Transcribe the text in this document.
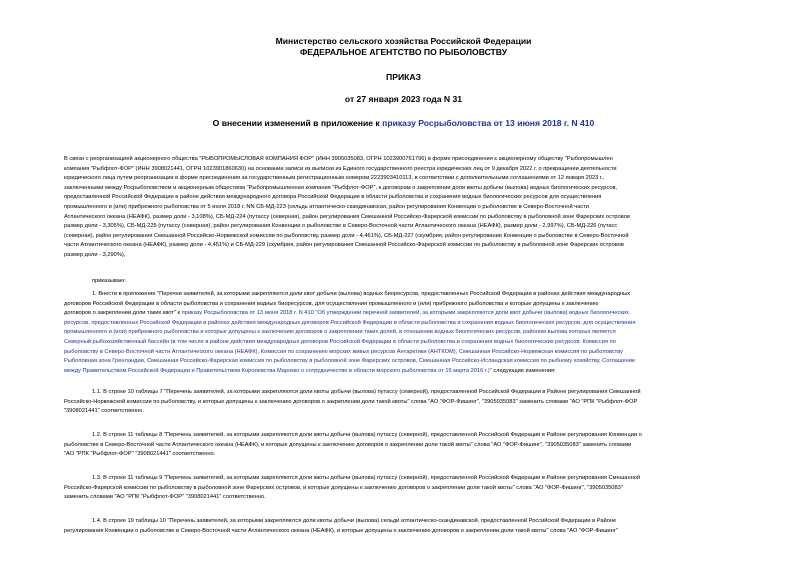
Министерство сельского хозяйства Российской Федерации
ФЕДЕРАЛЬНОЕ АГЕНТСТВО ПО РЫБОЛОВСТВУ
ПРИКАЗ
от 27 января 2023 года N 31
О внесении изменений в приложение к приказу Росрыболовства от 13 июня 2018 г. N 410
В связи с реорганизацией акционерного общества "РЫБОПРОМЫСЛОВАЯ КОМПАНИЯ ФОР" (ИНН 3905035083, ОГРН 1023900761796) в форме присоединения к акционерному обществу "Рыбопромышлен
компания "Рыбфлот-ФОР" (ИНН 3908021441, ОГРН 1023901860630) на основании записи из выписки из Единого государственного реестра юридических лиц от 9 декабря 2022 г. о прекращении деятельности
юридического лица путем реорганизации в форме присоединения за государственным регистрационным номером 2223903410113, в соответствии с дополнительными соглашениями от 12 января 2023 г.,
заключенными между Росрыболовством и акционерным обществом "Рыбопромышленная компания "Рыбфлот-ФОР", к договорам о закреплении доли квоты добычи (вылова) водных биологических ресурсов,
предоставленной Российской Федерации в районе действия международного договора Российской Федерации в области рыболовства и сохранения водных биологических ресурсов для осуществления
промышленного и (или) прибрежного рыболовства от 5 июля 2018 г. NN СБ-МД-223 (сельдь атлантическо-скандинавская, район регулирования Конвенции о рыболовстве в Северо-Восточной части
Атлантического океана (НЕАФК), размер доли - 3,108%), СБ-МД-224 (путассу (северная), район регулирования Смешанной Российско-Фарерской комиссии по рыболовству в рыболовной зоне Фарерских островов
размер доли - 3,305%), СБ-МД-225 (путассу (северная), район регулирования Конвенции о рыболовстве в Северо-Восточной части Атлантического океана (НЕАФК), размер доли - 2,997%), СБ-МД-226 (путасс
(северная), район регулирования Смешанной Российско-Норвежской комиссии по рыболовству, размер доли - 4,461%), СБ-МД-227 (скумбрия, район регулирования Конвенции о рыболовстве в Северо-Восточной
части Атлантического океана (НЕАФК), размер доли - 4,451%) и СБ-МД-229 (скумбрия, район регулирования Смешанной Российско-Фарерской комиссии по рыболовству в рыболовной зоне Фарерских островов
размер доли - 3,290%),
приказываю:
1. Внести в приложение "Перечни заявителей, за которыми закрепляются доли квот добычи (вылова) водных биоресурсов, предоставленных Российской Федерации в районах действия международных
договоров Российской Федерации в области рыболовства и сохранения водных биоресурсов, для осуществления промышленного и (или) прибрежного рыболовства и которые допущены к заключению
договоров о закреплении доли таких квот" к приказу Росрыболовства от 13 июня 2018 г. N 410 "Об утверждении перечней заявителей, за которыми закрепляются доли квот добычи (вылова) водных биологических
ресурсов, предоставленных Российской Федерации в районах действия международных договоров Российской Федерации в области рыболовства и сохранения водных биологических ресурсов, для осуществления
промышленного и (или) прибрежного рыболовства и которые допущены к заключению договоров о закреплении таких долей, в отношении водных биологических ресурсов, районом вылова которых является
Северный рыбохозяйственный бассейн (в том числе в районе действия международных договоров Российской Федерации в области рыболовства и сохранения водных биологических ресурсов: Комиссия по
рыболовству в Северо-Восточной части Атлантического океана (НЕАФК), Комиссия по сохранению морских живых ресурсов Антарктики (АНТКОМ), Смешанная Российско-Норвежская комиссия по рыболовству
Рыболовная зона Гренландии, Смешанная Российско-Фарерская комиссия по рыболовству в рыболовной зоне Фарерских островов, Смешанная Российско-Исландская комиссия по рыбному хозяйству, Соглашение
между Правительством Российской Федерации и Правительством Королевства Марокко о сотрудничестве в области морского рыболовства от 15 марта 2016 г.)" следующие изменения:
1.1. В строке 10 таблицы 7 "Перечень заявителей, за которыми закрепляются доли квоты добычи (вылова) путассу (северной), предоставленной Российской Федерации в Районе регулирования Смешанной
Российско-Норвежской комиссии по рыболовству, и которые допущены к заключению договоров о закреплении доли такой квоты" слова "АО "ФОР-Фишинг", "3905035083" заменить словами "АО "РПК "Рыбфлот-ФОР
"3908021441" соответственно.
1.2. В строке 11 таблицы 8 "Перечень заявителей, за которыми закрепляются доли квоты добычи (вылова) путассу (северной), предоставленной Российской Федерации в Районе регулирования Конвенции о
рыболовстве в Северо-Восточной части Атлантического океана (НЕАФК), и которые допущены к заключению договоров о закреплении доли такой квоты" слова "АО "ФОР-Фишинг", "3905035083" заменить словами
"АО "РПК "Рыбфлот-ФОР" "3908021441" соответственно.
1.3. В строке 11 таблицы 9 "Перечень заявителей, за которыми закрепляются доли квоты добычи (вылова) путассу (северной), предоставленной Российской Федерации в Районе регулирования Смешанной
Российско-Фарерской комиссии по рыболовству в рыболовной зоне Фарерских островов, и которые допущены к заключению договоров о закреплении доли такой квоты" слова "АО "ФОР-Фишинг", "3905035083"
заменить словами "АО "РПК "Рыбфлот-ФОР" "3908021441" соответственно.
1.4. В строке 19 таблицы 10 "Перечень заявителей, за которыми закрепляются доли квоты добычи (вылова) сельди атлантическо-скандинавской, предоставленной Российской Федерации в Районе
регулирования Конвенции о рыболовстве в Северо-Восточной части Атлантического океана (НЕАФК), и которые допущены к заключению договоров о закреплении доли такой квоты" слова "АО "ФОР-Фишинг"
